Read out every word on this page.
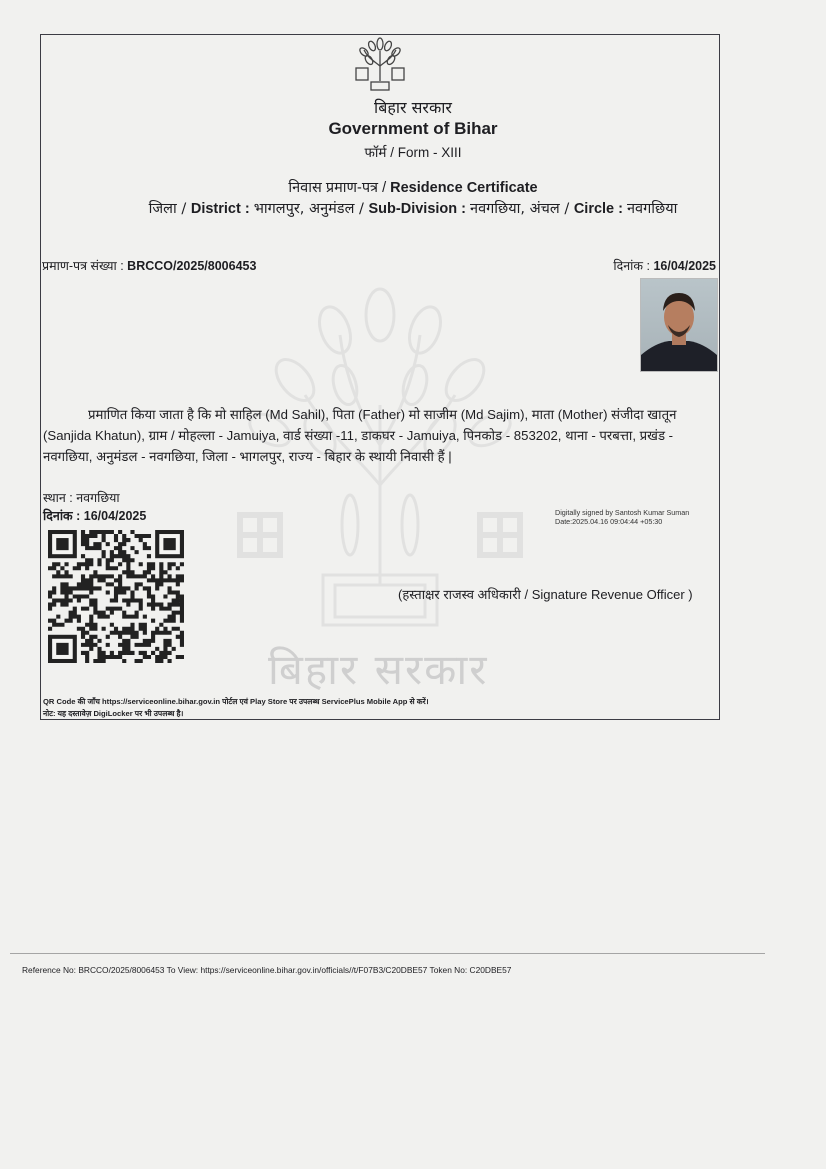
बिहार सरकार
बिहार सरकार
Government of Bihar
फॉर्म / Form - XIII
निवास प्रमाण-पत्र / Residence Certificate
जिला / District : भागलपुर, अनुमंडल / Sub-Division : नवगछिया, अंचल / Circle : नवगछिया
प्रमाण-पत्र संख्या : BRCCO/2025/8006453	दिनांक : 16/04/2025

प्रमाणित किया जाता है कि मो साहिल (Md Sahil), पिता (Father) मो साजीम (Md Sajim), माता (Mother) संजीदा खातून

(Sanjida Khatun), ग्राम / मोहल्ला - Jamuiya, वार्ड संख्या -11, डाकघर - Jamuiya, पिनकोड - 853202, थाना - परबत्ता, प्रखंड -

नवगछिया, अनुमंडल - नवगछिया, जिला - भागलपुर, राज्य - बिहार के स्थायी निवासी हैं |

स्थान : नवगछिया
दिनांक : 16/04/2025	Digitally signed by Santosh Kumar Suman
Date:2025.04.16 09:04:44 +05:30
(हस्ताक्षर राजस्व अधिकारी / Signature Revenue Officer )
QR Code की जाँच https://serviceonline.bihar.gov.in पोर्टल एवं Play Store पर उपलब्ध ServicePlus Mobile App से करें।
नोट: यह दस्तावेज़ DigiLocker पर भी उपलब्ध है।
Reference No: BRCCO/2025/8006453 To View: https://serviceonline.bihar.gov.in/officials//t/F07B3/C20DBE57 Token No: C20DBE57
